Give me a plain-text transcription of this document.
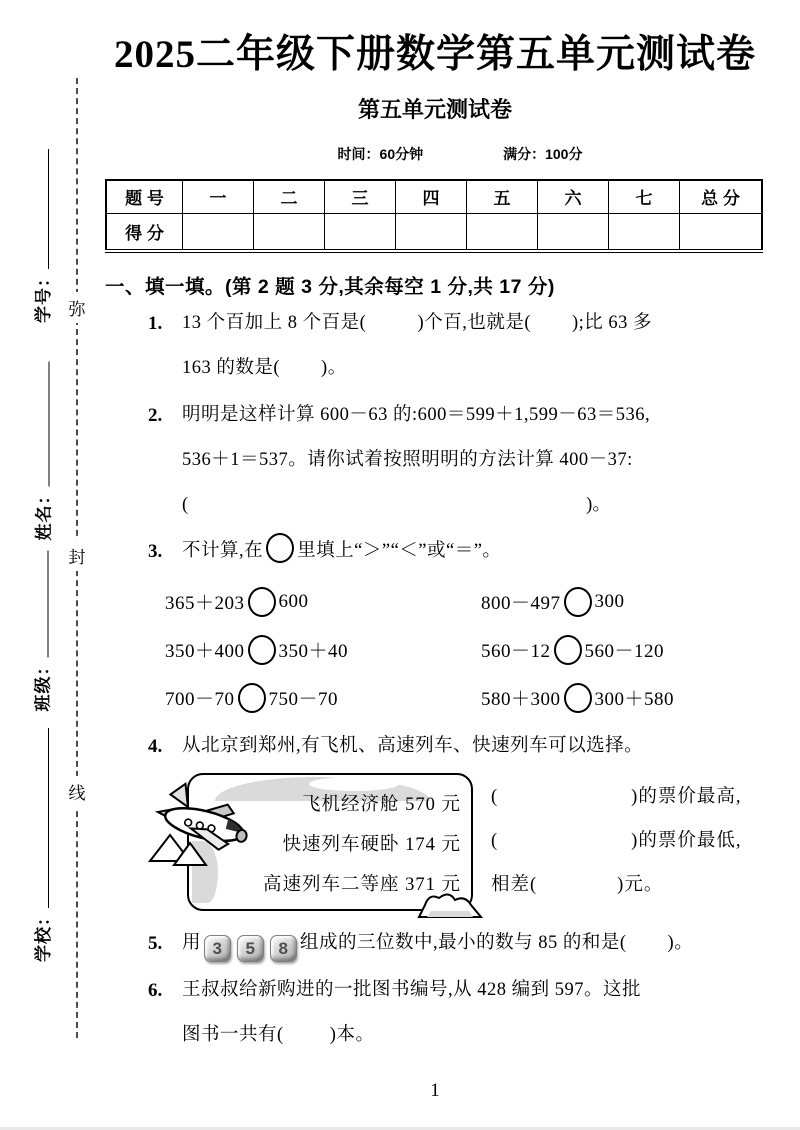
学号：
姓名：
班级：
学校：
弥
封
线
2025二年级下册数学第五单元测试卷
第五单元测试卷
时间：60分钟	满分：100分
题 号	一	二	三	四	五	六	七	总 分
得 分								
一、填一填。(第 2 题 3 分,其余每空 1 分,共 17 分)
1.	13 个百加上 8 个百是(          )个百,也就是(        );比 63 多
163 的数是(        )。
2.	明明是这样计算 600－63 的:600＝599＋1,599－63＝536,
536＋1＝537。请你试着按照明明的方法计算 400－37:
(	)。
3.	不计算,在 里填上“＞”“＜”或“＝”。
365＋203 600	800－497 300
350＋400 350＋40	560－12 560－120
700－70 750－70	580＋300 300＋580
4.	从北京到郑州,有飞机、高速列车、快速列车可以选择。
飞机经济舱 570 元
快速列车硬卧 174 元
高速列车二等座 371 元
(	)的票价最高,
(	)的票价最低,
相差(	)元。
5.	用 3 5 8 组成的三位数中,最小的数与 85 的和是(        )。
6.	王叔叔给新购进的一批图书编号,从 428 编到 597。这批
图书一共有(         )本。
1
